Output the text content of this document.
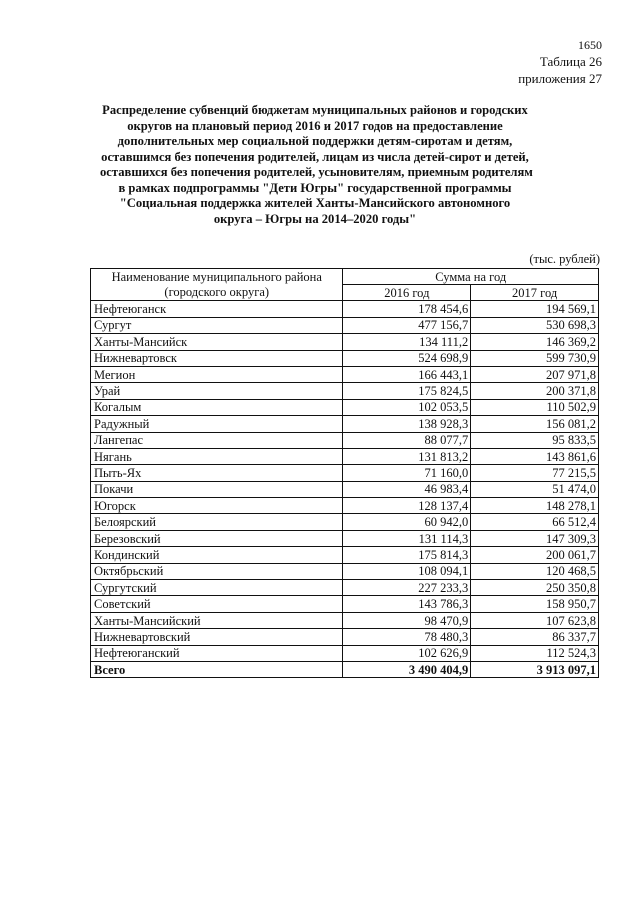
1650
Таблица 26
приложения 27
Распределение субвенций бюджетам муниципальных районов и городских
округов на плановый период 2016 и 2017 годов на предоставление
дополнительных мер социальной поддержки детям-сиротам и детям,
оставшимся без попечения родителей, лицам из числа детей-сирот и детей,
оставшихся без попечения родителей, усыновителям, приемным родителям
в рамках подпрограммы "Дети Югры" государственной программы
"Социальная поддержка жителей Ханты-Мансийского автономного
округа – Югры на 2014–2020 годы"
(тыс. рублей)
Наименование муниципального района (городского округа)	Сумма на год	
	2016 год	2017 год
Нефтеюганск	178 454,6	194 569,1
Сургут	477 156,7	530 698,3
Ханты-Мансийск	134 111,2	146 369,2
Нижневартовск	524 698,9	599 730,9
Мегион	166 443,1	207 971,8
Урай	175 824,5	200 371,8
Когалым	102 053,5	110 502,9
Радужный	138 928,3	156 081,2
Лангепас	88 077,7	95 833,5
Нягань	131 813,2	143 861,6
Пыть-Ях	71 160,0	77 215,5
Покачи	46 983,4	51 474,0
Югорск	128 137,4	148 278,1
Белоярский	60 942,0	66 512,4
Березовский	131 114,3	147 309,3
Кондинский	175 814,3	200 061,7
Октябрьский	108 094,1	120 468,5
Сургутский	227 233,3	250 350,8
Советский	143 786,3	158 950,7
Ханты-Мансийский	98 470,9	107 623,8
Нижневартовский	78 480,3	86 337,7
Нефтеюганский	102 626,9	112 524,3
Всего	3 490 404,9	3 913 097,1
